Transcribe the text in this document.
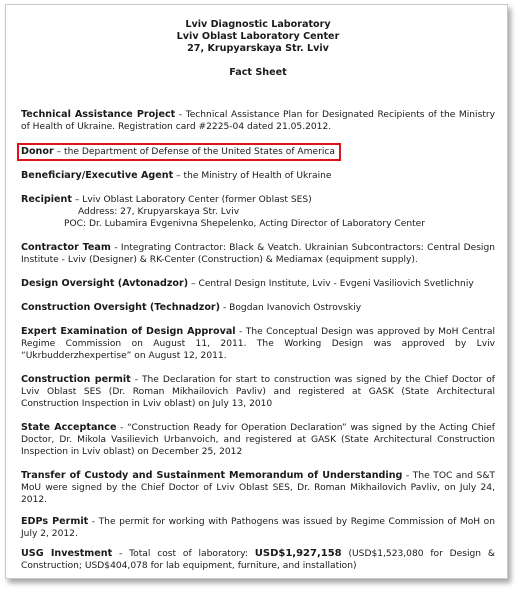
Lviv Diagnostic Laboratory
Lviv Oblast Laboratory Center
27, Krupyarskaya Str. Lviv
Fact Sheet

Technical Assistance Project - Technical Assistance Plan for Designated Recipients of the Ministry of Health of Ukraine. Registration card #2225-04 dated 21.05.2012.

Donor – the Department of Defense of the United States of America

Beneficiary/Executive Agent – the Ministry of Health of Ukraine

Recipient – Lviv Oblast Laboratory Center (former Oblast SES)

Address: 27, Krupyarskaya Str. Lviv

POC: Dr. Lubamira Evgenivna Shepelenko, Acting Director of Laboratory Center

Contractor Team - Integrating Contractor: Black & Veatch. Ukrainian Subcontractors: Central Design Institute - Lviv (Designer) & RK-Center (Construction) & Mediamax (equipment supply).

Design Oversight (Avtonadzor) – Central Design Institute, Lviv - Evgeni Vasiliovich Svetlichniy

Construction Oversight (Technadzor) - Bogdan Ivanovich Ostrovskiy

Expert Examination of Design Approval - The Conceptual Design was approved by MoH Central Regime Commission on August 11, 2011. The Working Design was approved by Lviv “Ukrbudderzhexpertise” on August 12, 2011.

Construction permit - The Declaration for start to construction was signed by the Chief Doctor of Lviv Oblast SES (Dr. Roman Mikhailovich Pavliv) and registered at GASK (State Architectural Construction Inspection in Lviv oblast) on July 13, 2010

State Acceptance - “Construction Ready for Operation Declaration” was signed by the Acting Chief Doctor, Dr. Mikola Vasilievich Urbanvoich, and registered at GASK (State Architectural Construction Inspection in Lviv oblast) on December 25, 2012

Transfer of Custody and Sustainment Memorandum of Understanding - The TOC and S&T MoU were signed by the Chief Doctor of Lviv Oblast SES, Dr. Roman Mikhailovich Pavliv, on July 24, 2012.

EDPs Permit - The permit for working with Pathogens was issued by Regime Commission of MoH on July 2, 2012.

USG Investment - Total cost of laboratory: USD$1,927,158 (USD$1,523,080 for Design & Construction; USD$404,078 for lab equipment, furniture, and installation)
